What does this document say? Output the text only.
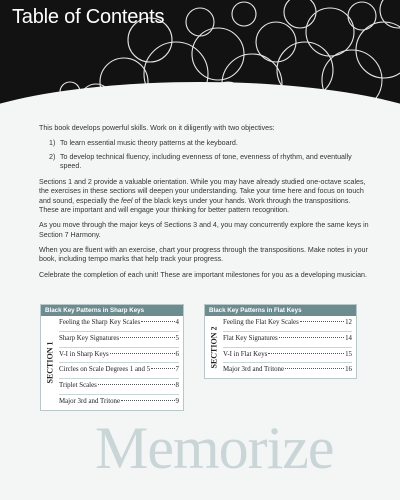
Table of Contents

This book develops powerful skills. Work on it diligently with two objectives:

1) To learn essential music theory patterns at the keyboard.
2) To develop technical fluency, including evenness of tone, evenness of rhythm, and eventually speed.

Sections 1 and 2 provide a valuable orientation. While you may have already studied one-octave scales, the exercises in these sections will deepen your understanding. Take your time here and focus on touch and sound, especially the feel of the black keys under your hands. Work through the transpositions. These are important and will engage your thinking for better pattern recognition.

As you move through the major keys of Sections 3 and 4, you may concurrently explore the same keys in Section 7 Harmony.

When you are fluent with an exercise, chart your progress through the transpositions. Make notes in your book, including tempo marks that help track your progress.

Celebrate the completion of each unit! These are important milestones for you as a developing musician.

Black Key Patterns in Sharp Keys
SECTION 1
Feeling the Sharp Key Scales	4
Sharp Key Signatures	5
V-I in Sharp Keys	6
Circles on Scale Degrees 1 and 5	7
Triplet Scales	8
Major 3rd and Tritone	9
Black Key Patterns in Flat Keys
SECTION 2
Feeling the Flat Key Scales	12
Flat Key Signatures	14
V-I in Flat Keys	15
Major 3rd and Tritone	16
Memorize
